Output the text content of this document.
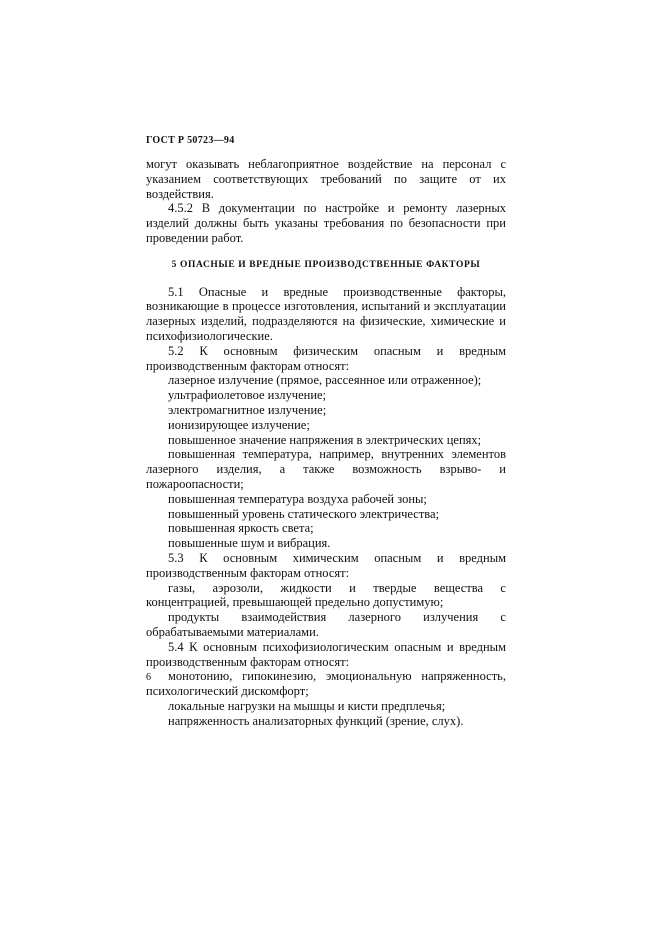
ГОСТ Р 50723—94

могут оказывать неблагоприятное воздействие на персонал с указанием соответствующих требований по защите от их воздействия.

4.5.2 В документации по настройке и ремонту лазерных изделий должны быть указаны требования по безопасности при проведении работ.

5 ОПАСНЫЕ И ВРЕДНЫЕ ПРОИЗВОДСТВЕННЫЕ ФАКТОРЫ

5.1 Опасные и вредные производственные факторы, возникающие в процессе изготовления, испытаний и эксплуатации лазерных изделий, подразделяются на физические, химические и психофизиологические.

5.2 К основным физическим опасным и вредным производственным факторам относят:

лазерное излучение (прямое, рассеянное или отраженное);

ультрафиолетовое излучение;

электромагнитное излучение;

ионизирующее излучение;

повышенное значение напряжения в электрических цепях;

повышенная температура, например, внутренних элементов лазерного изделия, а также возможность взрыво- и пожароопасности;

повышенная температура воздуха рабочей зоны;

повышенный уровень статического электричества;

повышенная яркость света;

повышенные шум и вибрация.

5.3 К основным химическим опасным и вредным производственным факторам относят:

газы, аэрозоли, жидкости и твердые вещества с концентрацией, превышающей предельно допустимую;

продукты взаимодействия лазерного излучения с обрабатываемыми материалами.

5.4 К основным психофизиологическим опасным и вредным производственным факторам относят:

монотонию, гипокинезию, эмоциональную напряженность, психологический дискомфорт;

локальные нагрузки на мышцы и кисти предплечья;

напряженность анализаторных функций (зрение, слух).

6
